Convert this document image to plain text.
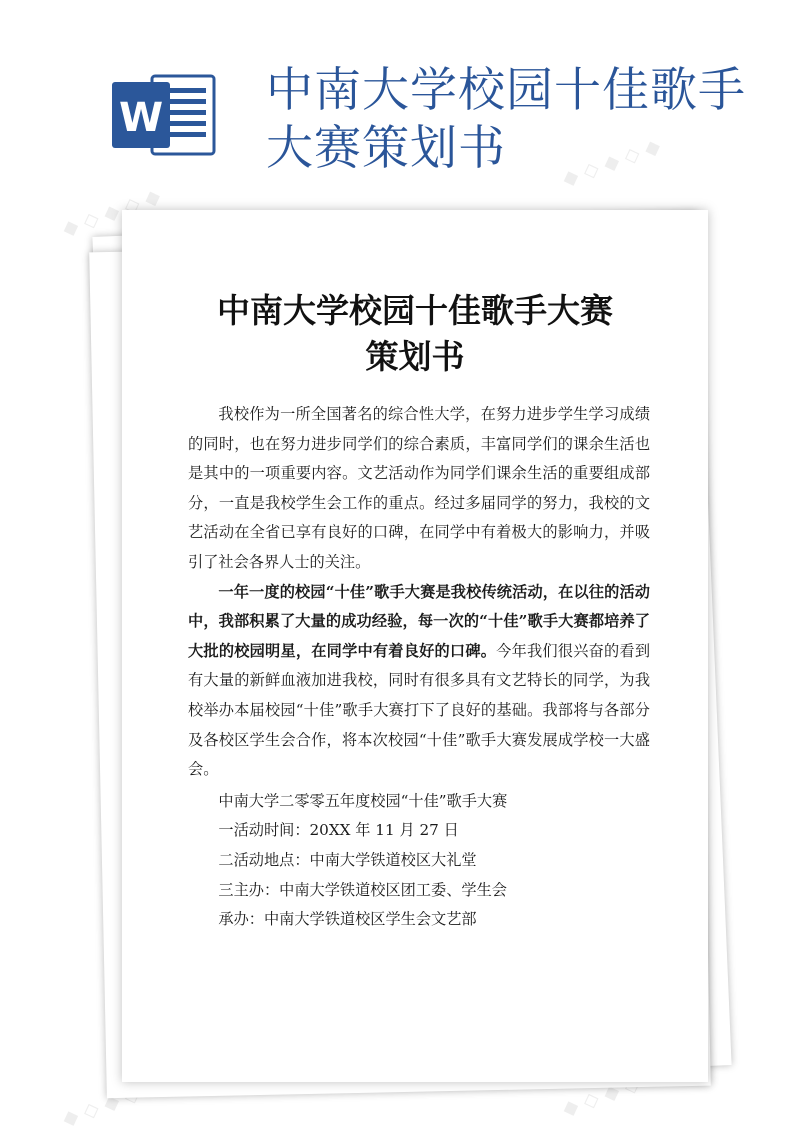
W 中南大学校园十佳歌手
大赛策划书
◆ ◇ ◆ ◇ ◆
◆ ◇ ◆ ◇ ◆
◆ ◇ ◆ ◇ ◆	◆ ◇ ◆ ◇ ◆
中南大学校园十佳歌手大赛
策划书

我校作为一所全国著名的综合性大学，在努力进步学生学习成绩的同时，也在努力进步同学们的综合素质，丰富同学们的课余生活也是其中的一项重要内容。文艺活动作为同学们课余生活的重要组成部分，一直是我校学生会工作的重点。经过多届同学的努力，我校的文艺活动在全省已享有良好的口碑，在同学中有着极大的影响力，并吸引了社会各界人士的关注。

一年一度的校园“十佳”歌手大赛是我校传统活动，在以往的活动中，我部积累了大量的成功经验，每一次的“十佳”歌手大赛都培养了大批的校园明星，在同学中有着良好的口碑。今年我们很兴奋的看到有大量的新鲜血液加进我校，同时有很多具有文艺特长的同学，为我校举办本届校园“十佳”歌手大赛打下了良好的基础。我部将与各部分及各校区学生会合作，将本次校园“十佳”歌手大赛发展成学校一大盛会。

中南大学二零零五年度校园“十佳”歌手大赛
一活动时间：20XX 年 11 月 27 日
二活动地点：中南大学铁道校区大礼堂
三主办：中南大学铁道校区团工委、学生会
承办：中南大学铁道校区学生会文艺部
